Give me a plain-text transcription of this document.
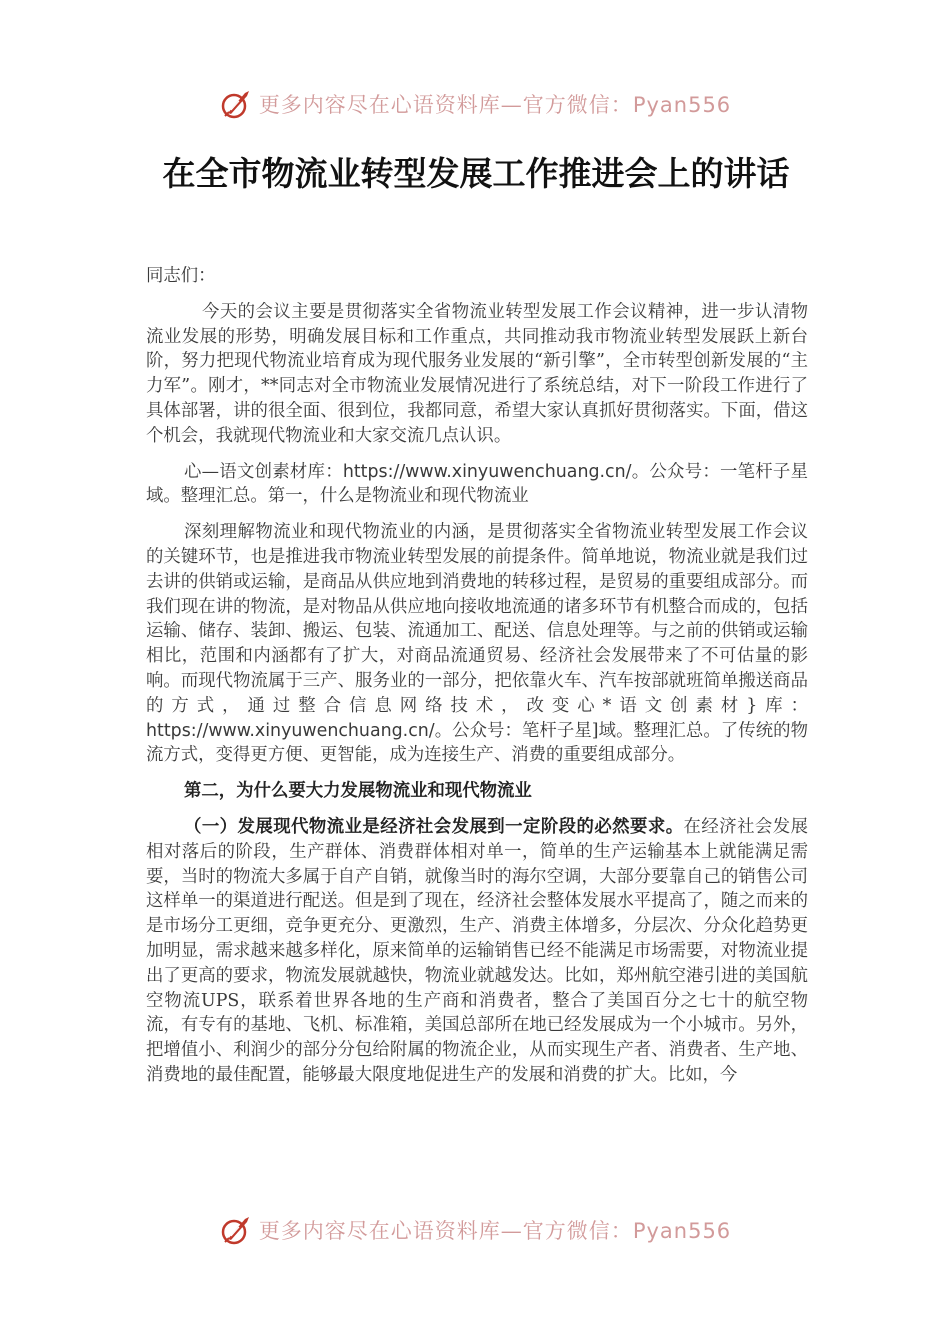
更多内容尽在心语资料库—官方微信：Pyan556
在全市物流业转型发展工作推进会上的讲话

同志们：

今天的会议主要是贯彻落实全省物流业转型发展工作会议精神，进一步认清物流业发展的形势，明确发展目标和工作重点，共同推动我市物流业转型发展跃上新台阶，努力把现代物流业培育成为现代服务业发展的“新引擎”，全市转型创新发展的“主力军”。刚才，**同志对全市物流业发展情况进行了系统总结，对下一阶段工作进行了具体部署，讲的很全面、很到位，我都同意，希望大家认真抓好贯彻落实。下面，借这个机会，我就现代物流业和大家交流几点认识。

心—语文创素材库：https://www.xinyuwenchuang.cn/。公众号：一笔杆子星域。整理汇总。第一，什么是物流业和现代物流业

深刻理解物流业和现代物流业的内涵，是贯彻落实全省物流业转型发展工作会议的关键环节，也是推进我市物流业转型发展的前提条件。简单地说，物流业就是我们过去讲的供销或运输，是商品从供应地到消费地的转移过程，是贸易的重要组成部分。而我们现在讲的物流，是对物品从供应地向接收地流通的诸多环节有机整合而成的，包括运输、储存、装卸、搬运、包装、流通加工、配送、信息处理等。与之前的供销或运输相比，范围和内涵都有了扩大，对商品流通贸易、经济社会发展带来了不可估量的影响。而现代物流属于三产、服务业的一部分，把依靠火车、汽车按部就班简单搬送商品的方式，通过整合信息网络技术，改变心*语文创素材}库：https://www.xinyuwenchuang.cn/。公众号：笔杆子星]域。整理汇总。了传统的物流方式，变得更方便、更智能，成为连接生产、消费的重要组成部分。

第二，为什么要大力发展物流业和现代物流业

（一）发展现代物流业是经济社会发展到一定阶段的必然要求。在经济社会发展相对落后的阶段，生产群体、消费群体相对单一，简单的生产运输基本上就能满足需要，当时的物流大多属于自产自销，就像当时的海尔空调，大部分要靠自己的销售公司这样单一的渠道进行配送。但是到了现在，经济社会整体发展水平提高了，随之而来的是市场分工更细，竞争更充分、更激烈，生产、消费主体增多，分层次、分众化趋势更加明显，需求越来越多样化，原来简单的运输销售已经不能满足市场需要，对物流业提出了更高的要求，物流发展就越快，物流业就越发达。比如，郑州航空港引进的美国航空物流UPS，联系着世界各地的生产商和消费者，整合了美国百分之七十的航空物流，有专有的基地、飞机、标准箱，美国总部所在地已经发展成为一个小城市。另外，把增值小、利润少的部分分包给附属的物流企业，从而实现生产者、消费者、生产地、消费地的最佳配置，能够最大限度地促进生产的发展和消费的扩大。比如，今

更多内容尽在心语资料库—官方微信：Pyan556
